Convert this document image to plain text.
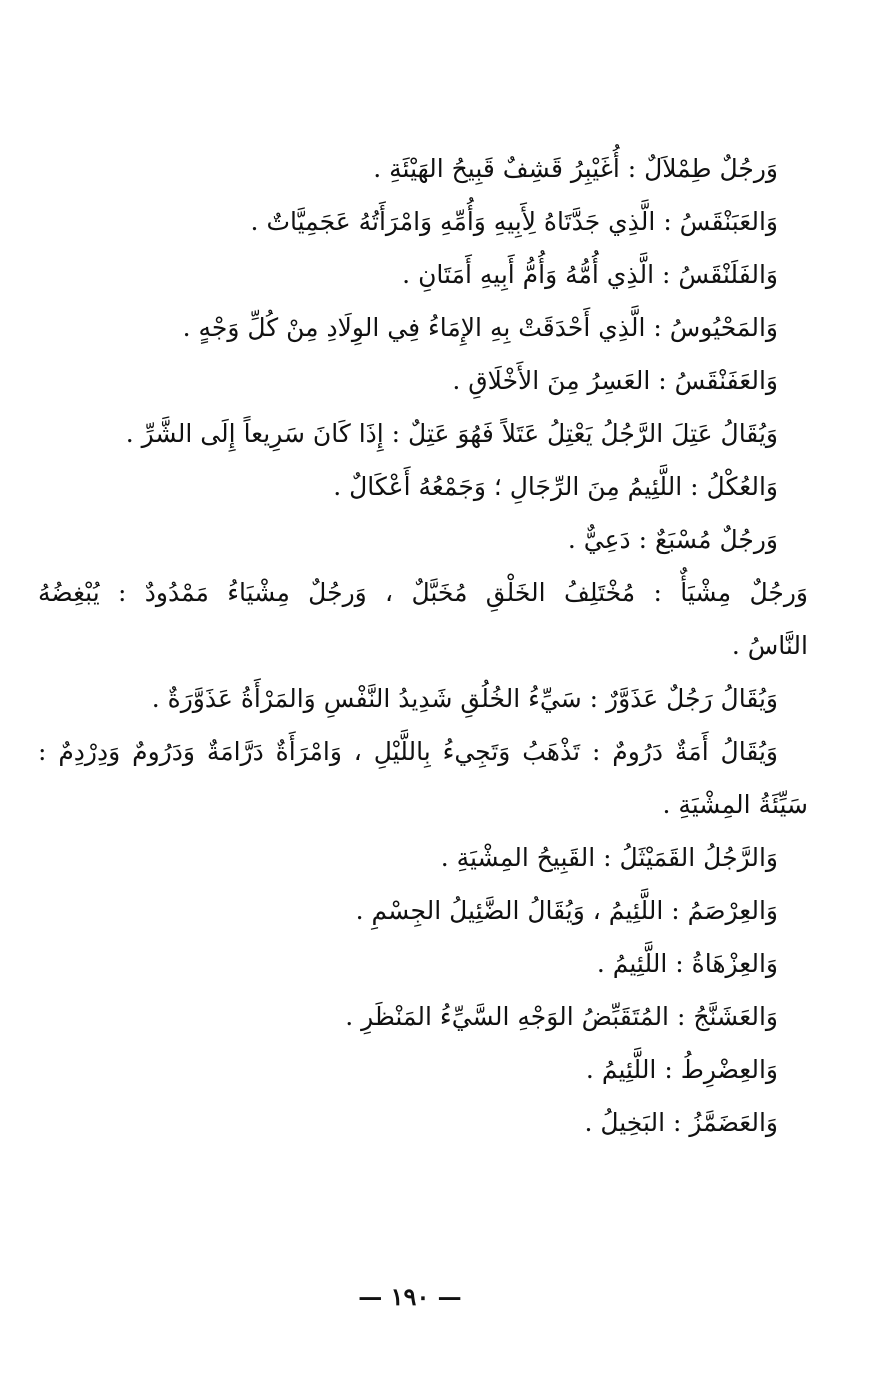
وَرجُلٌ طِمْلاَلٌ : أُغَيْبِرُ قَشِفٌ قَبِيحُ الهَيْئَةِ .
وَالعَبَنْقَسُ : الَّذِي جَدَّتَاهُ لِأَبِيهِ وَأُمِّهِ وَامْرَأَتُهُ عَجَمِيَّاتٌ .
وَالفَلَنْقَسُ : الَّذِي أُمُّهُ وَأُمُّ أَبِيهِ أَمَتَانِ .
وَالمَحْيُوسُ : الَّذِي أَحْدَقَتْ بِهِ الإِمَاءُ فِي الوِلَادِ مِنْ كُلِّ وَجْهٍ .
وَالعَفَنْقَسُ : العَسِرُ مِنَ الأَخْلَاقِ .
وَيُقَالُ عَتِلَ الرَّجُلُ يَعْتِلُ عَتَلاً فَهُوَ عَتِلٌ : إِذَا كَانَ سَرِيعاً إِلَى الشَّرِّ .
وَالعُكْلُ : اللَّئِيمُ مِنَ الرِّجَالِ ؛ وَجَمْعُهُ أَعْكَالٌ .
وَرجُلٌ مُسْبَعٌ : دَعِيٌّ .
وَرجُلٌ مِشْيَأٌ : مُخْتَلِفُ الخَلْقِ مُخَبَّلٌ ، وَرجُلٌ مِشْيَاءُ مَمْدُودٌ : يُبْغِضُهُ
النَّاسُ .
وَيُقَالُ رَجُلٌ عَذَوَّرٌ : سَيِّءُ الخُلُقِ شَدِيدُ النَّفْسِ وَالمَرْأَةُ عَذَوَّرَةٌ .
وَيُقَالُ أَمَةٌ دَرُومٌ : تَذْهَبُ وَتَجِيءُ بِاللَّيْلِ ، وَامْرَأَةٌ دَرَّامَةٌ وَدَرُومٌ وَدِرْدِمٌ :
سَيِّئَةُ المِشْيَةِ .
وَالرَّجُلُ القَمَيْثَلُ : القَبِيحُ المِشْيَةِ .
وَالعِرْصَمُ : اللَّئِيمُ ، وَيُقَالُ الضَّئِيلُ الجِسْمِ .
وَالعِزْهَاةُ : اللَّئِيمُ .
وَالعَشَنَّجُ : المُتَقَبِّضُ الوَجْهِ السَّيِّءُ المَنْظَرِ .
وَالعِضْرِطُ : اللَّئِيمُ .
وَالعَضَمَّزُ : البَخِيلُ .
— ١٩٠ —
